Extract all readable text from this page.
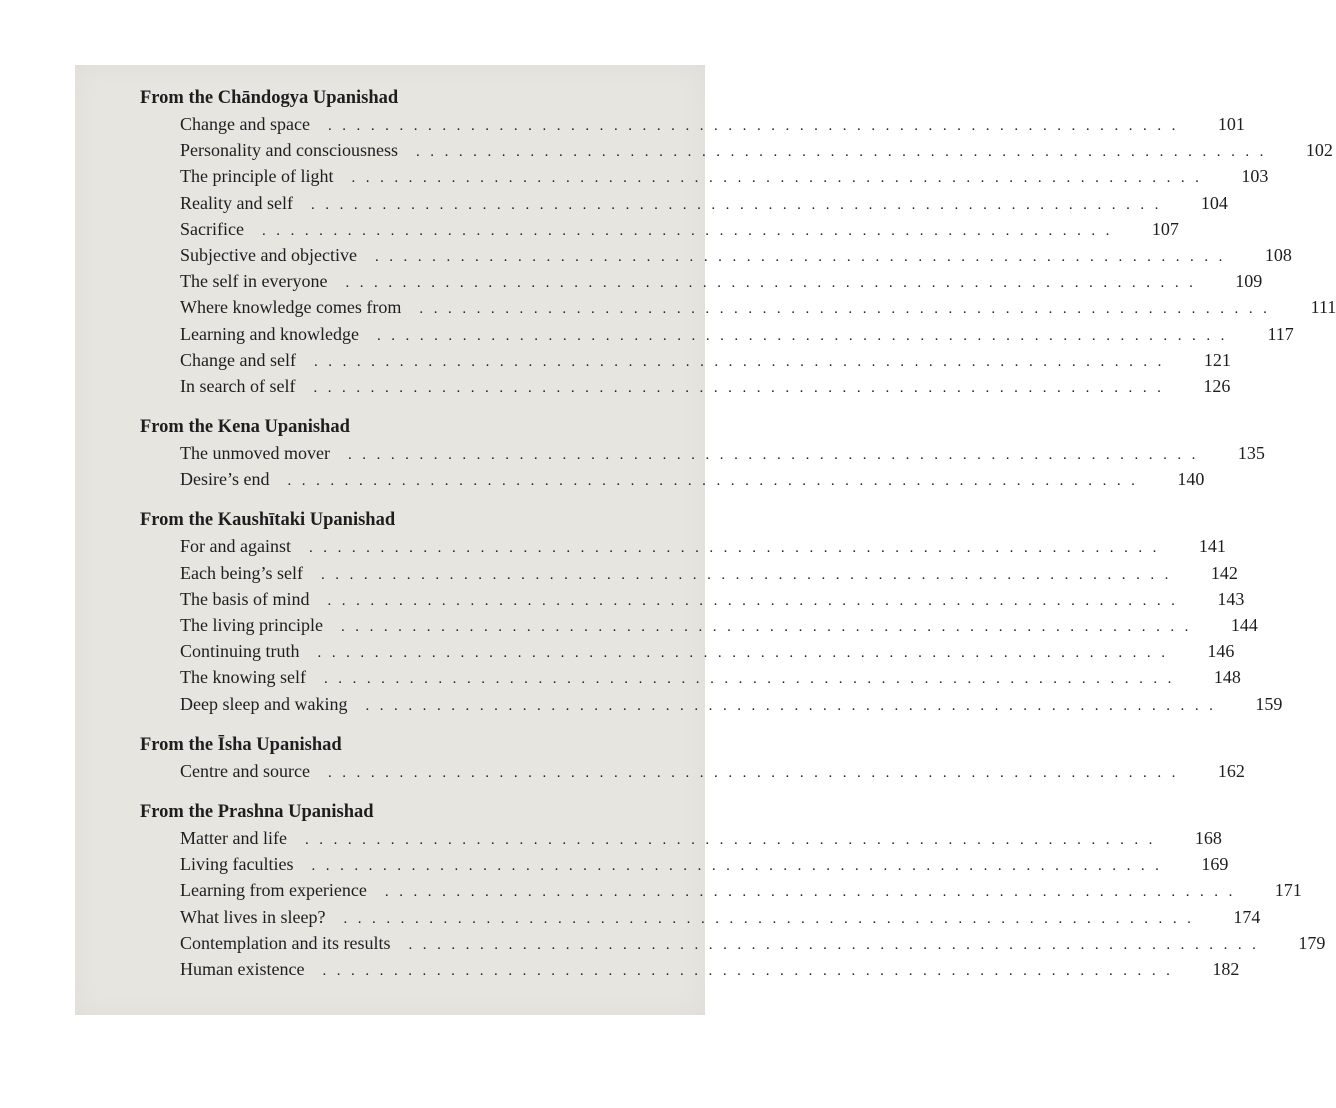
From the Chāndogya Upanishad
Change and space . . . . . . . . . . . . . . . . . . . . . . . . . . . . . . . . . . . . . . . . . . . . . . . . . . . . . . . . . . . .	101
Personality and consciousness . . . . . . . . . . . . . . . . . . . . . . . . . . . . . . . . . . . . . . . . . . . . . . . . . . . . . . . . . . . .	102
The principle of light . . . . . . . . . . . . . . . . . . . . . . . . . . . . . . . . . . . . . . . . . . . . . . . . . . . . . . . . . . . .	103
Reality and self . . . . . . . . . . . . . . . . . . . . . . . . . . . . . . . . . . . . . . . . . . . . . . . . . . . . . . . . . . . .	104
Sacrifice . . . . . . . . . . . . . . . . . . . . . . . . . . . . . . . . . . . . . . . . . . . . . . . . . . . . . . . . . . . .	107
Subjective and objective . . . . . . . . . . . . . . . . . . . . . . . . . . . . . . . . . . . . . . . . . . . . . . . . . . . . . . . . . . . .	108
The self in everyone . . . . . . . . . . . . . . . . . . . . . . . . . . . . . . . . . . . . . . . . . . . . . . . . . . . . . . . . . . . .	109
Where knowledge comes from . . . . . . . . . . . . . . . . . . . . . . . . . . . . . . . . . . . . . . . . . . . . . . . . . . . . . . . . . . . .	111
Learning and knowledge . . . . . . . . . . . . . . . . . . . . . . . . . . . . . . . . . . . . . . . . . . . . . . . . . . . . . . . . . . . .	117
Change and self . . . . . . . . . . . . . . . . . . . . . . . . . . . . . . . . . . . . . . . . . . . . . . . . . . . . . . . . . . . .	121
In search of self . . . . . . . . . . . . . . . . . . . . . . . . . . . . . . . . . . . . . . . . . . . . . . . . . . . . . . . . . . . .	126
From the Kena Upanishad
The unmoved mover . . . . . . . . . . . . . . . . . . . . . . . . . . . . . . . . . . . . . . . . . . . . . . . . . . . . . . . . . . . .	135
Desire’s end . . . . . . . . . . . . . . . . . . . . . . . . . . . . . . . . . . . . . . . . . . . . . . . . . . . . . . . . . . . .	140
From the Kaushītaki Upanishad
For and against . . . . . . . . . . . . . . . . . . . . . . . . . . . . . . . . . . . . . . . . . . . . . . . . . . . . . . . . . . . .	141
Each being’s self . . . . . . . . . . . . . . . . . . . . . . . . . . . . . . . . . . . . . . . . . . . . . . . . . . . . . . . . . . . .	142
The basis of mind . . . . . . . . . . . . . . . . . . . . . . . . . . . . . . . . . . . . . . . . . . . . . . . . . . . . . . . . . . . .	143
The living principle . . . . . . . . . . . . . . . . . . . . . . . . . . . . . . . . . . . . . . . . . . . . . . . . . . . . . . . . . . . .	144
Continuing truth . . . . . . . . . . . . . . . . . . . . . . . . . . . . . . . . . . . . . . . . . . . . . . . . . . . . . . . . . . . .	146
The knowing self . . . . . . . . . . . . . . . . . . . . . . . . . . . . . . . . . . . . . . . . . . . . . . . . . . . . . . . . . . . .	148
Deep sleep and waking . . . . . . . . . . . . . . . . . . . . . . . . . . . . . . . . . . . . . . . . . . . . . . . . . . . . . . . . . . . .	159
From the Īsha Upanishad
Centre and source . . . . . . . . . . . . . . . . . . . . . . . . . . . . . . . . . . . . . . . . . . . . . . . . . . . . . . . . . . . .	162
From the Prashna Upanishad
Matter and life . . . . . . . . . . . . . . . . . . . . . . . . . . . . . . . . . . . . . . . . . . . . . . . . . . . . . . . . . . . .	168
Living faculties . . . . . . . . . . . . . . . . . . . . . . . . . . . . . . . . . . . . . . . . . . . . . . . . . . . . . . . . . . . .	169
Learning from experience . . . . . . . . . . . . . . . . . . . . . . . . . . . . . . . . . . . . . . . . . . . . . . . . . . . . . . . . . . . .	171
What lives in sleep? . . . . . . . . . . . . . . . . . . . . . . . . . . . . . . . . . . . . . . . . . . . . . . . . . . . . . . . . . . . .	174
Contemplation and its results . . . . . . . . . . . . . . . . . . . . . . . . . . . . . . . . . . . . . . . . . . . . . . . . . . . . . . . . . . . .	179
Human existence . . . . . . . . . . . . . . . . . . . . . . . . . . . . . . . . . . . . . . . . . . . . . . . . . . . . . . . . . . . .	182
